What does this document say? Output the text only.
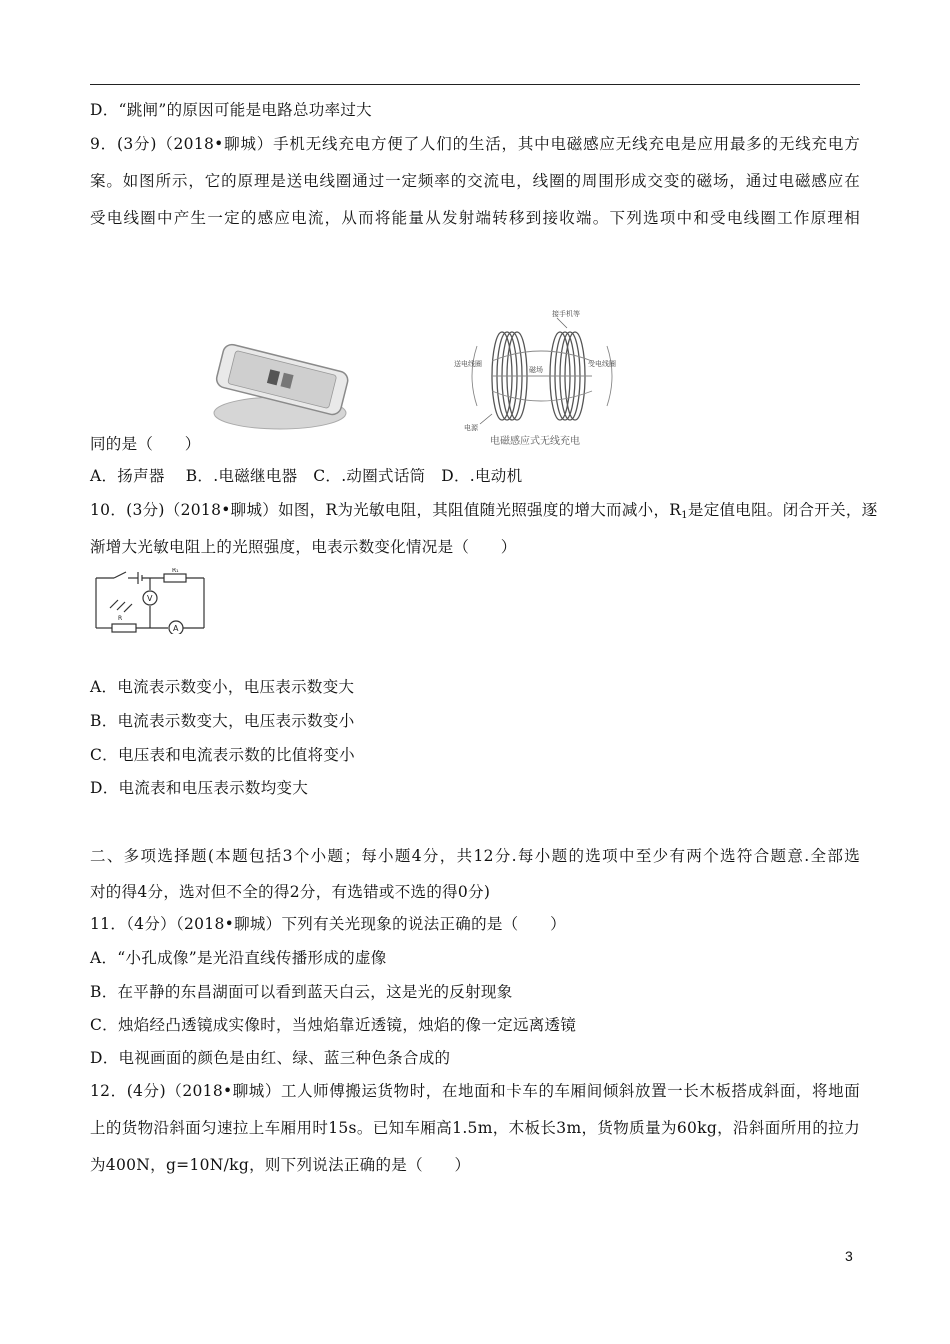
D．“跳闸”的原因可能是电路总功率过大
9．(3分)（2018•聊城）手机无线充电方便了人们的生活，其中电磁感应无线充电是应用最多的无线充电方
案。如图所示，它的原理是送电线圈通过一定频率的交流电，线圈的周围形成交变的磁场，通过电磁感应在
受电线圈中产生一定的感应电流，从而将能量从发射端转移到接收端。下列选项中和受电线圈工作原理相
接手机等
送电线圈	受电线圈
磁场
电源
电磁感应式无线充电
同的是（　　）
A．扬声器　 B．.电磁继电器　C．.动圈式话筒　D．.电动机
10．(3分)（2018•聊城）如图，R为光敏电阻，其阻值随光照强度的增大而减小，$R_1$是定值电阻。闭合开关，逐
渐增大光敏电阻上的光照强度，电表示数变化情况是（　　）
R₁
R
V
A
A．电流表示数变小，电压表示数变大
B．电流表示数变大，电压表示数变小
C．电压表和电流表示数的比值将变小
D．电流表和电压表示数均变大
二、多项选择题(本题包括3个小题；每小题4分，共12分.每小题的选项中至少有两个选符合题意.全部选
对的得4分，选对但不全的得2分，有选错或不选的得0分)
11．（4分）（2018•聊城）下列有关光现象的说法正确的是（　　）
A．“小孔成像”是光沿直线传播形成的虚像
B．在平静的东昌湖面可以看到蓝天白云，这是光的反射现象
C．烛焰经凸透镜成实像时，当烛焰靠近透镜，烛焰的像一定远离透镜
D．电视画面的颜色是由红、绿、蓝三种色条合成的
12．(4分)（2018•聊城）工人师傅搬运货物时，在地面和卡车的车厢间倾斜放置一长木板搭成斜面，将地面
上的货物沿斜面匀速拉上车厢用时15s。已知车厢高1.5m，木板长3m，货物质量为60kg，沿斜面所用的拉力
为400N，g=10N/kg，则下列说法正确的是（　　）
3
